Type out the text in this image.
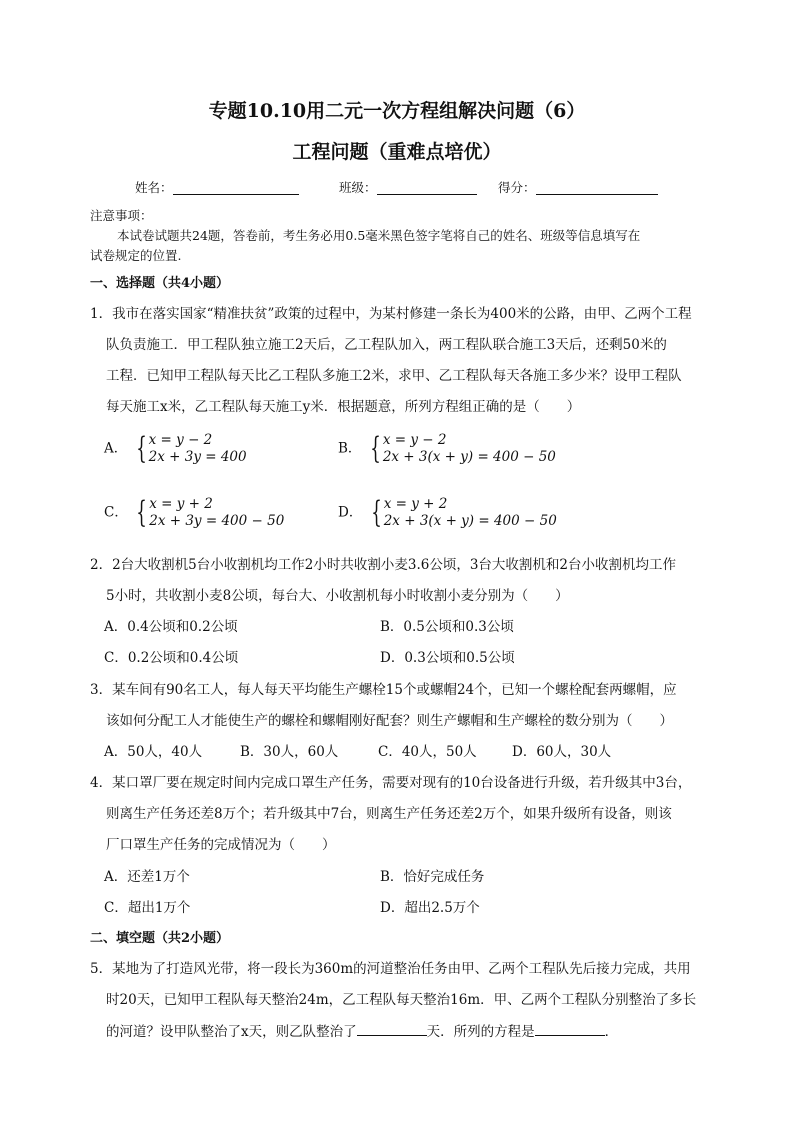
专题10.10用二元一次方程组解决问题（6）
工程问题（重难点培优）
姓名：	班级：	得分：
注意事项：
本试卷试题共24题，答卷前，考生务必用0.5毫米黑色签字笔将自己的姓名、班级等信息填写在
试卷规定的位置.
一、选择题（共4小题）
1．我市在落实国家“精准扶贫”政策的过程中，为某村修建一条长为400米的公路，由甲、乙两个工程
队负责施工．甲工程队独立施工2天后，乙工程队加入，两工程队联合施工3天后，还剩50米的
工程．已知甲工程队每天比乙工程队多施工2米，求甲、乙工程队每天各施工多少米？设甲工程队
每天施工x米，乙工程队每天施工y米．根据题意，所列方程组正确的是（　　）
A． { x = y − 2
2x + 3y = 400
B． { x = y − 2
2x + 3(x + y) = 400 − 50
C． { x = y + 2
2x + 3y = 400 − 50
D． { x = y + 2
2x + 3(x + y) = 400 − 50
2．2台大收割机5台小收割机均工作2小时共收割小麦3.6公顷，3台大收割机和2台小收割机均工作
5小时，共收割小麦8公顷，每台大、小收割机每小时收割小麦分别为（　　）
A．0.4公顷和0.2公顷	B．0.5公顷和0.3公顷
C．0.2公顷和0.4公顷	D．0.3公顷和0.5公顷
3．某车间有90名工人，每人每天平均能生产螺栓15个或螺帽24个，已知一个螺栓配套两螺帽，应
该如何分配工人才能使生产的螺栓和螺帽刚好配套？则生产螺帽和生产螺栓的数分别为（　　）
A．50人，40人	B．30人，60人	C．40人，50人	D．60人，30人
4．某口罩厂要在规定时间内完成口罩生产任务，需要对现有的10台设备进行升级，若升级其中3台，
则离生产任务还差8万个；若升级其中7台，则离生产任务还差2万个，如果升级所有设备，则该
厂口罩生产任务的完成情况为（　　）
A．还差1万个	B．恰好完成任务
C．超出1万个	D．超出2.5万个
二、填空题（共2小题）
5．某地为了打造风光带，将一段长为360m的河道整治任务由甲、乙两个工程队先后接力完成，共用
时20天，已知甲工程队每天整治24m，乙工程队每天整治16m．甲、乙两个工程队分别整治了多长
的河道？设甲队整治了x天，则乙队整治了	天．所列的方程是	．
